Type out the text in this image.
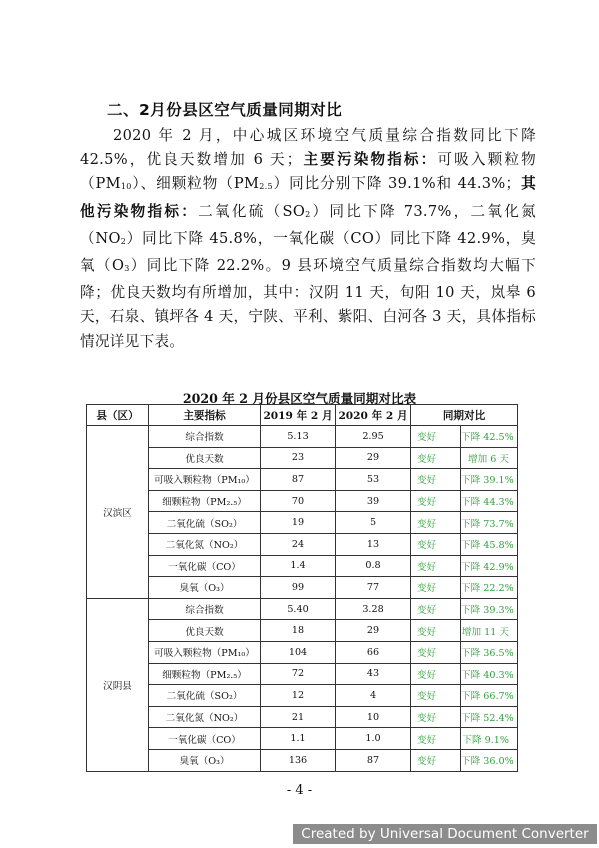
二、2月份县区空气质量同期对比
2020 年 2 月，中心城区环境空气质量综合指数同比下降 42.5%，优良天数增加 6 天；主要污染物指标：可吸入颗粒物$(PM_{10})$、细颗粒物$(PM_{2.5})$同比分别下降 39.1%和 44.3%；其他污染物指标：二氧化硫$(SO_2)$同比下降 73.7%，二氧化氮$(NO_2)$同比下降 45.8%，一氧化碳（CO）同比下降 42.9%，臭氧$(O_3)$同比下降 22.2%。9 县环境空气质量综合指数均大幅下降；优良天数均有所增加，其中：汉阴 11 天，旬阳 10 天，岚皋 6 天，石泉、镇坪各 4 天，宁陕、平利、紫阳、白河各 3 天，具体指标情况详见下表。
2020 年 2 月份县区空气质量同期对比表
县（区）	主要指标	2019 年 2 月	2020 年 2 月	同期对比	
汉滨区	综合指数	5.13	2.95	变好	下降 42.5%
	优良天数	23	29	变好	增加 6 天
	可吸入颗粒物（PM₁₀）	87	53	变好	下降 39.1%
	细颗粒物（PM₂.₅）	70	39	变好	下降 44.3%
	二氧化硫（SO₂）	19	5	变好	下降 73.7%
	二氧化氮（NO₂）	24	13	变好	下降 45.8%
	一氧化碳（CO）	1.4	0.8	变好	下降 42.9%
	臭氧（O₃）	99	77	变好	下降 22.2%
汉阴县	综合指数	5.40	3.28	变好	下降 39.3%
	优良天数	18	29	变好	增加 11 天
	可吸入颗粒物（PM₁₀）	104	66	变好	下降 36.5%
	细颗粒物（PM₂.₅）	72	43	变好	下降 40.3%
	二氧化硫（SO₂）	12	4	变好	下降 66.7%
	二氧化氮（NO₂）	21	10	变好	下降 52.4%
	一氧化碳（CO）	1.1	1.0	变好	下降 9.1%
	臭氧（O₃）	136	87	变好	下降 36.0%
- 4 -
Created by Universal Document Converter
